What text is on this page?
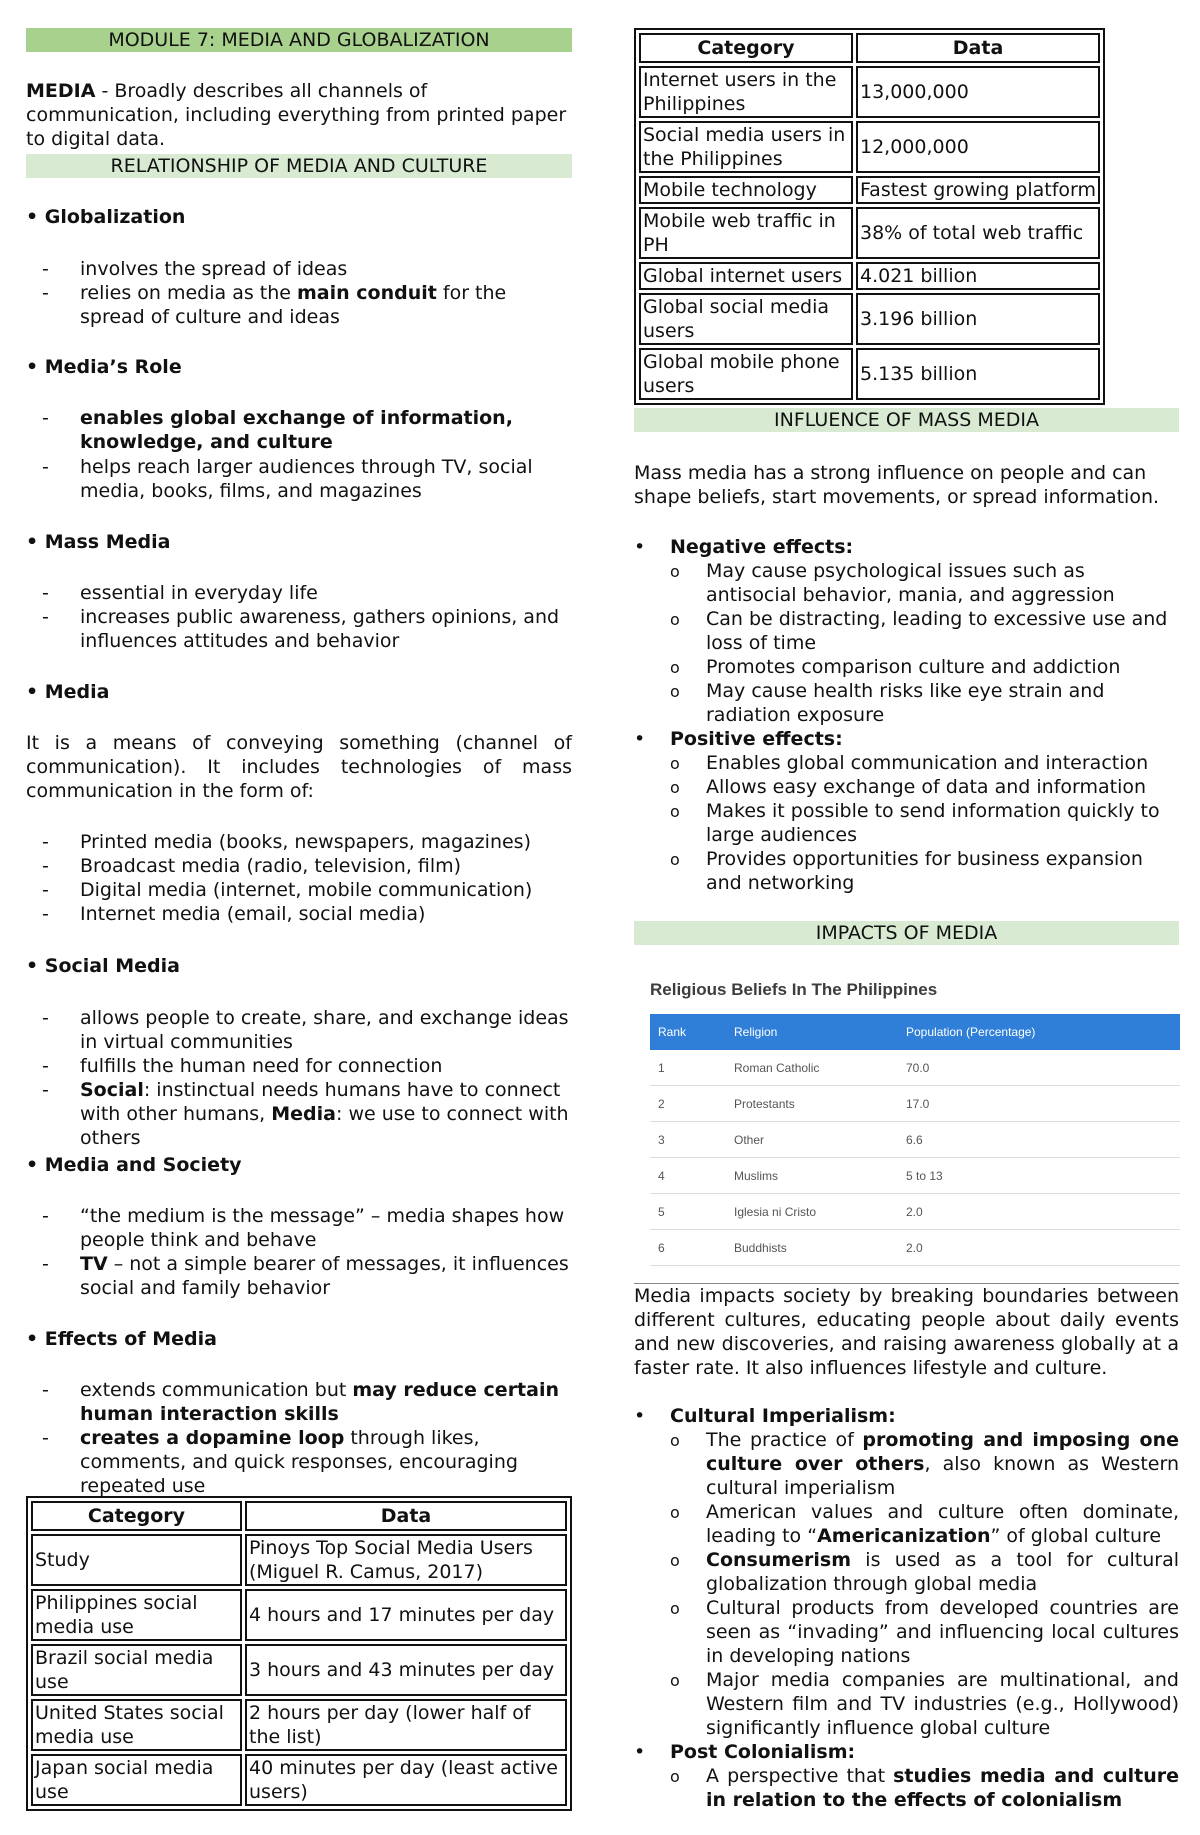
MODULE 7: MEDIA AND GLOBALIZATION
MEDIA - Broadly describes all channels of communication, including everything from printed paper to digital data.
RELATIONSHIP OF MEDIA AND CULTURE
• Globalization
- involves the spread of ideas
- relies on media as the main conduit for the spread of culture and ideas
• Media’s Role
- enables global exchange of information, knowledge, and culture
- helps reach larger audiences through TV, social media, books, films, and magazines
• Mass Media
- essential in everyday life
- increases public awareness, gathers opinions, and influences attitudes and behavior
• Media
It is a means of conveying something (channel of communication). It includes technologies of mass communication in the form of:
- Printed media (books, newspapers, magazines)
- Broadcast media (radio, television, film)
- Digital media (internet, mobile communication)
- Internet media (email, social media)
• Social Media
- allows people to create, share, and exchange ideas in virtual communities
- fulfills the human need for connection
- Social: instinctual needs humans have to connect with other humans, Media: we use to connect with others
• Media and Society
- “the medium is the message” – media shapes how people think and behave
- TV – not a simple bearer of messages, it influences social and family behavior
• Effects of Media
- extends communication but may reduce certain human interaction skills
- creates a dopamine loop through likes, comments, and quick responses, encouraging repeated use
Category	Data
Study	Pinoys Top Social Media Users (Miguel R. Camus, 2017)
Philippines social media use	4 hours and 17 minutes per day
Brazil social media use	3 hours and 43 minutes per day
United States social media use	2 hours per day (lower half of the list)
Japan social media use	40 minutes per day (least active users)
Category	Data
Internet users in the Philippines	13,000,000
Social media users in the Philippines	12,000,000
Mobile technology	Fastest growing platform
Mobile web traffic in PH	38% of total web traffic
Global internet users	4.021 billion
Global social media users	3.196 billion
Global mobile phone users	5.135 billion
INFLUENCE OF MASS MEDIA
Mass media has a strong influence on people and can shape beliefs, start movements, or spread information.
• Negative effects:
o May cause psychological issues such as antisocial behavior, mania, and aggression
o Can be distracting, leading to excessive use and loss of time
o Promotes comparison culture and addiction
o May cause health risks like eye strain and radiation exposure
• Positive effects:
o Enables global communication and interaction
o Allows easy exchange of data and information
o Makes it possible to send information quickly to large audiences
o Provides opportunities for business expansion and networking
IMPACTS OF MEDIA
Religious Beliefs In The Philippines
Rank	Religion	Population (Percentage)
1	Roman Catholic	70.0
2	Protestants	17.0
3	Other	6.6
4	Muslims	5 to 13
5	Iglesia ni Cristo	2.0
6	Buddhists	2.0
Media impacts society by breaking boundaries between different cultures, educating people about daily events and new discoveries, and raising awareness globally at a faster rate. It also influences lifestyle and culture.
• Cultural Imperialism:
o The practice of promoting and imposing one culture over others, also known as Western cultural imperialism
o American values and culture often dominate, leading to “Americanization” of global culture
o Consumerism is used as a tool for cultural globalization through global media
o Cultural products from developed countries are seen as “invading” and influencing local cultures in developing nations
o Major media companies are multinational, and Western film and TV industries (e.g., Hollywood) significantly influence global culture
• Post Colonialism:
o A perspective that studies media and culture in relation to the effects of colonialism
